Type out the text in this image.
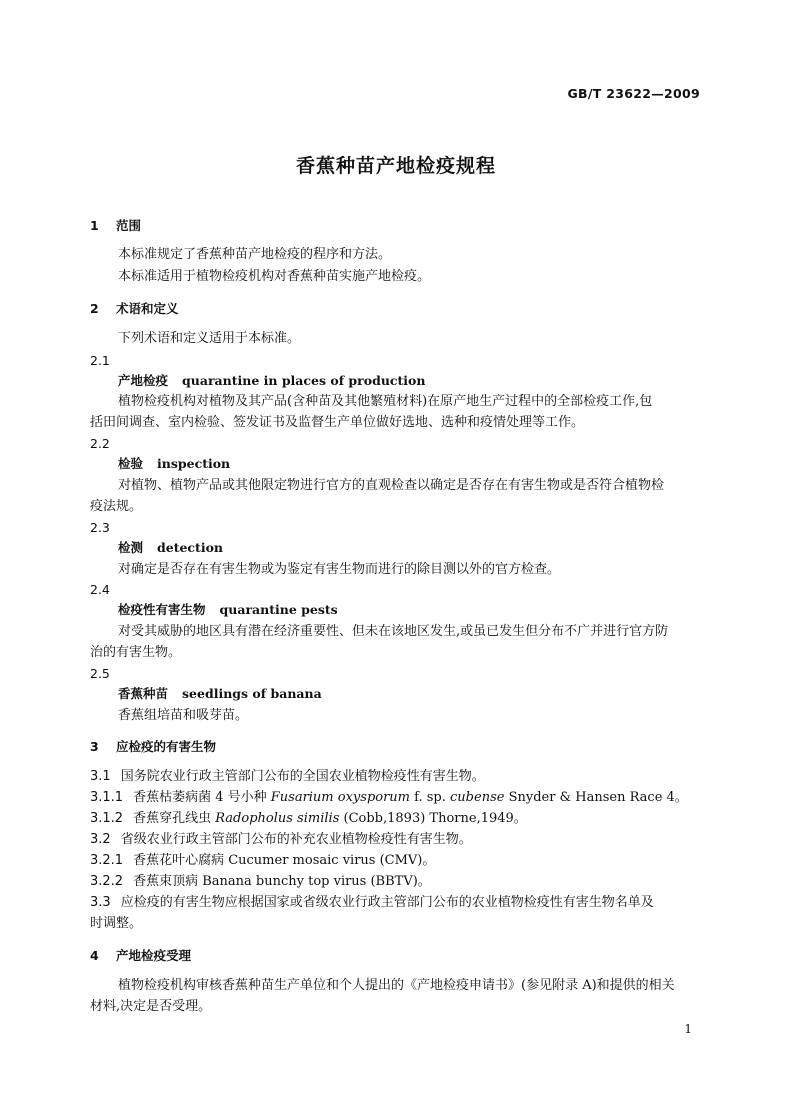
GB/T 23622—2009
香蕉种苗产地检疫规程
1 范围
本标准规定了香蕉种苗产地检疫的程序和方法。
本标准适用于植物检疫机构对香蕉种苗实施产地检疫。
2 术语和定义
下列术语和定义适用于本标准。
2.1
产地检疫 quarantine in places of production
植物检疫机构对植物及其产品(含种苗及其他繁殖材料)在原产地生产过程中的全部检疫工作,包
括田间调查、室内检验、签发证书及监督生产单位做好选地、选种和疫情处理等工作。
2.2
检验 inspection
对植物、植物产品或其他限定物进行官方的直观检查以确定是否存在有害生物或是否符合植物检
疫法规。
2.3
检测 detection
对确定是否存在有害生物或为鉴定有害生物而进行的除目测以外的官方检查。
2.4
检疫性有害生物 quarantine pests
对受其威胁的地区具有潜在经济重要性、但未在该地区发生,或虽已发生但分布不广并进行官方防
治的有害生物。
2.5
香蕉种苗 seedlings of banana
香蕉组培苗和吸芽苗。
3 应检疫的有害生物
3.1 国务院农业行政主管部门公布的全国农业植物检疫性有害生物。
3.1.1 香蕉枯萎病菌 4 号小种 Fusarium oxysporum f. sp. cubense Snyder & Hansen Race 4。
3.1.2 香蕉穿孔线虫 Radopholus similis (Cobb,1893) Thorne,1949。
3.2 省级农业行政主管部门公布的补充农业植物检疫性有害生物。
3.2.1 香蕉花叶心腐病 Cucumer mosaic virus (CMV)。
3.2.2 香蕉束顶病 Banana bunchy top virus (BBTV)。
3.3 应检疫的有害生物应根据国家或省级农业行政主管部门公布的农业植物检疫性有害生物名单及
时调整。
4 产地检疫受理
植物检疫机构审核香蕉种苗生产单位和个人提出的《产地检疫申请书》(参见附录 A)和提供的相关
材料,决定是否受理。
1
